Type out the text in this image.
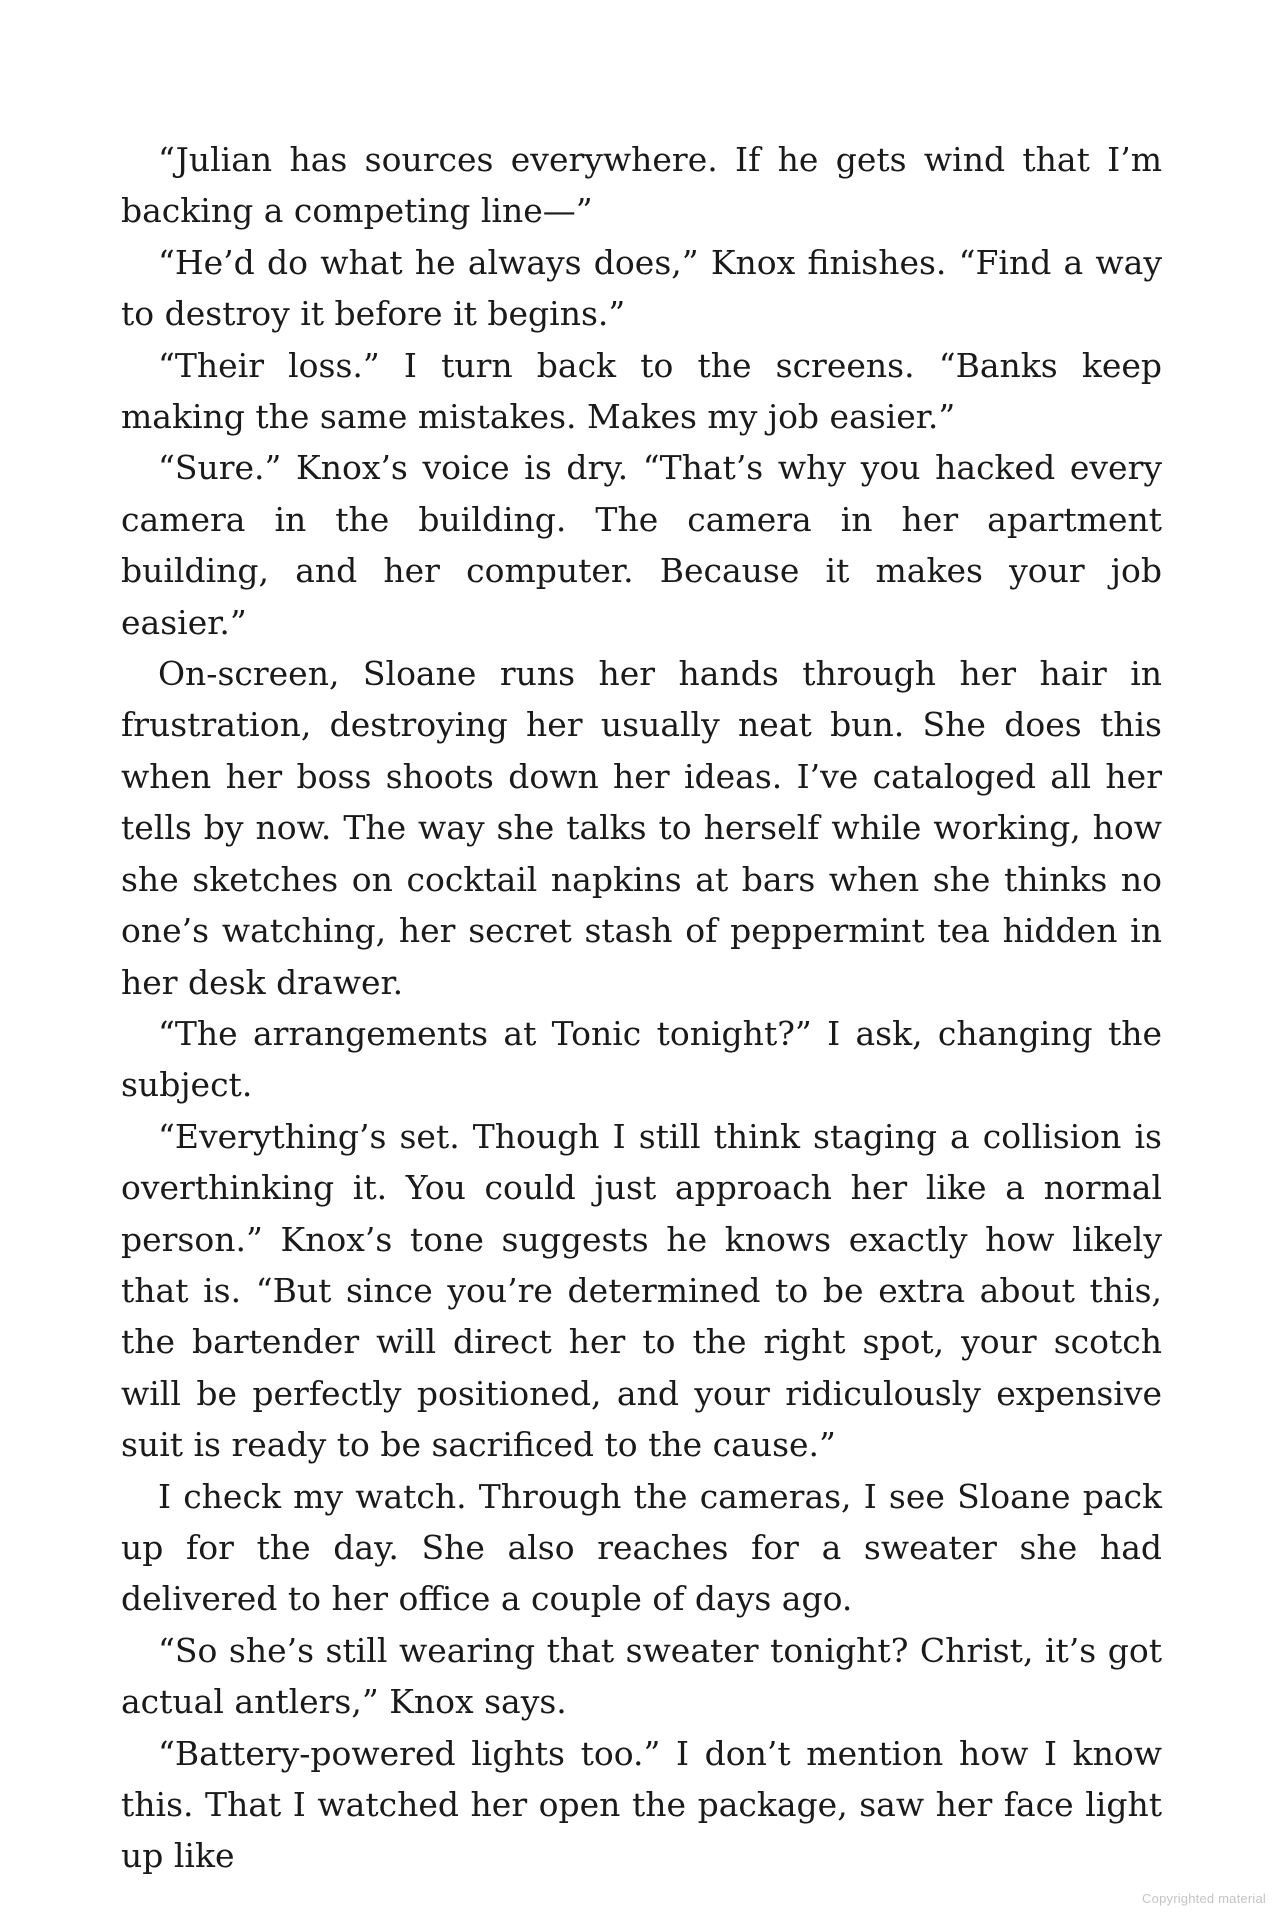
“Julian has sources everywhere. If he gets wind that I’m backing a competing line—”

“He’d do what he always does,” Knox finishes. “Find a way to destroy it before it begins.”

“Their loss.” I turn back to the screens. “Banks keep making the same mistakes. Makes my job easier.”

“Sure.” Knox’s voice is dry. “That’s why you hacked every camera in the building. The camera in her apartment building, and her computer. Because it makes your job easier.”

On-screen, Sloane runs her hands through her hair in frustration, destroying her usually neat bun. She does this when her boss shoots down her ideas. I’ve cataloged all her tells by now. The way she talks to herself while working, how she sketches on cocktail napkins at bars when she thinks no one’s watching, her secret stash of peppermint tea hidden in her desk drawer.

“The arrangements at Tonic tonight?” I ask, changing the subject.

“Everything’s set. Though I still think staging a collision is overthinking it. You could just approach her like a normal person.” Knox’s tone suggests he knows exactly how likely that is. “But since you’re determined to be extra about this, the bartender will direct her to the right spot, your scotch will be perfectly positioned, and your ridiculously expensive suit is ready to be sacrificed to the cause.”

I check my watch. Through the cameras, I see Sloane pack up for the day. She also reaches for a sweater she had delivered to her office a couple of days ago.

“So she’s still wearing that sweater tonight? Christ, it’s got actual antlers,” Knox says.

“Battery-powered lights too.” I don’t mention how I know this. That I watched her open the package, saw her face light up like

Copyrighted material
